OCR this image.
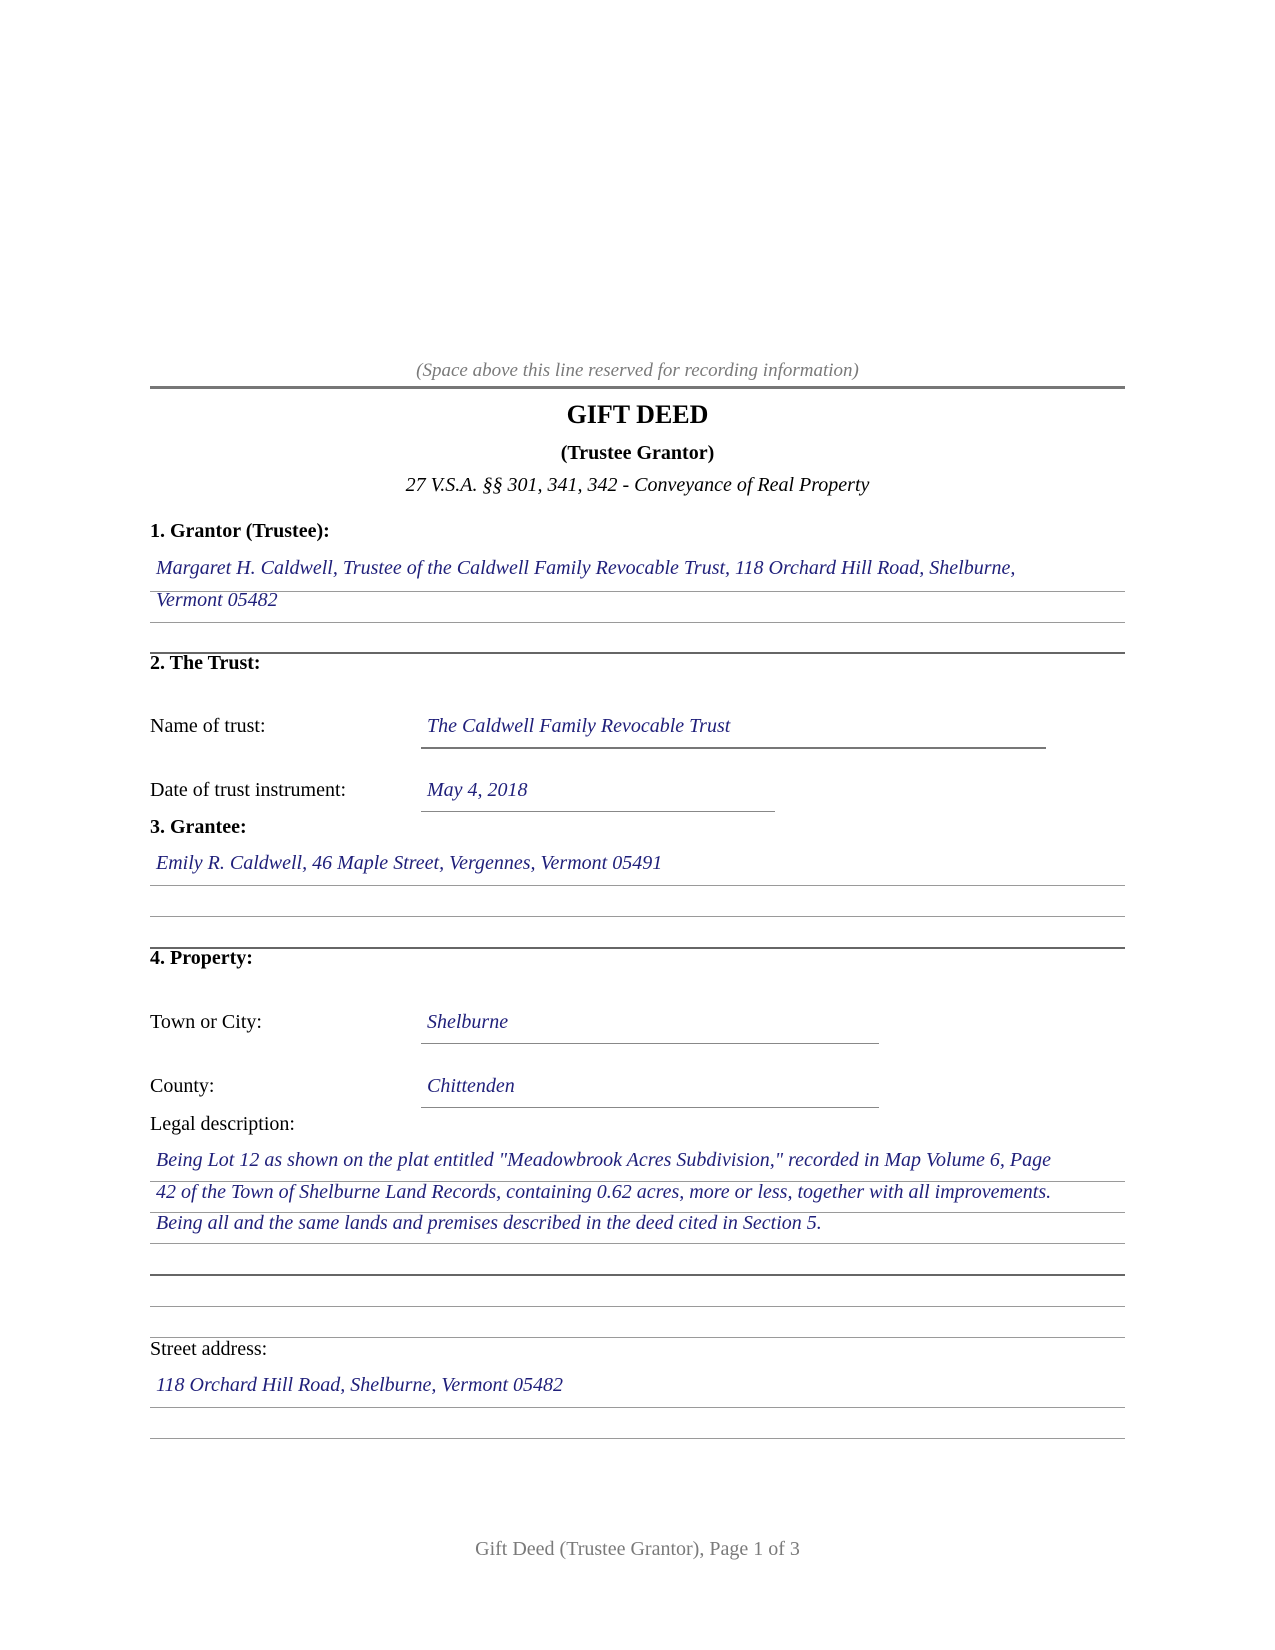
(Space above this line reserved for recording information)
GIFT DEED
(Trustee Grantor)
27 V.S.A. §§ 301, 341, 342 - Conveyance of Real Property
1. Grantor (Trustee):
Margaret H. Caldwell, Trustee of the Caldwell Family Revocable Trust, 118 Orchard Hill Road, Shelburne,
Vermont 05482
2. The Trust:
Name of trust:	The Caldwell Family Revocable Trust
Date of trust instrument:	May 4, 2018
3. Grantee:
Emily R. Caldwell, 46 Maple Street, Vergennes, Vermont 05491
4. Property:
Town or City:	Shelburne
County:	Chittenden
Legal description:
Being Lot 12 as shown on the plat entitled "Meadowbrook Acres Subdivision," recorded in Map Volume 6, Page
42 of the Town of Shelburne Land Records, containing 0.62 acres, more or less, together with all improvements.
Being all and the same lands and premises described in the deed cited in Section 5.
Street address:
118 Orchard Hill Road, Shelburne, Vermont 05482
Gift Deed (Trustee Grantor), Page 1 of 3
